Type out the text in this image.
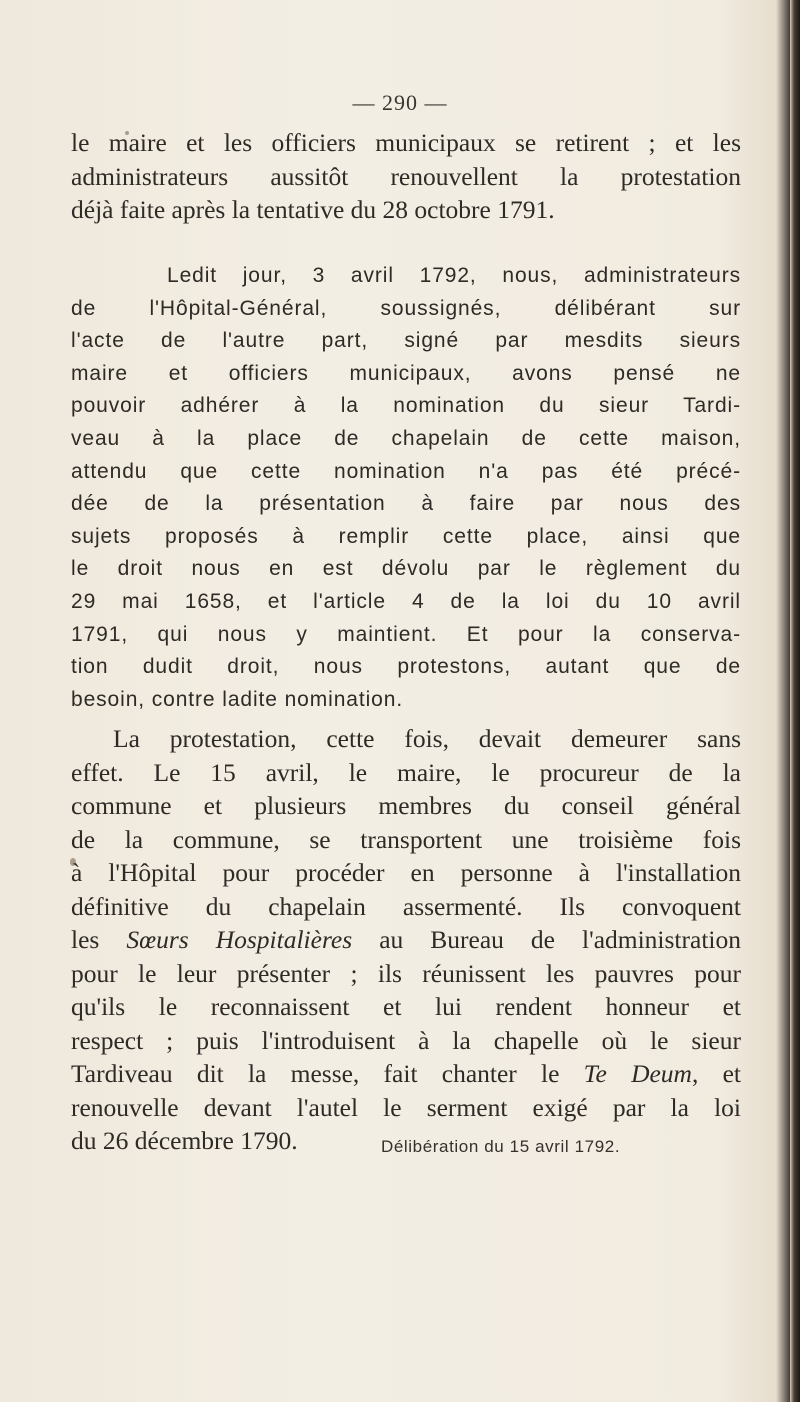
— 290 —
le maire et les officiers municipaux se retirent ; et les
administrateurs aussitôt renouvellent la protestation
déjà faite après la tentative du 28 octobre 1791.
Ledit jour, 3 avril 1792, nous, administrateurs
de l'Hôpital-Général, soussignés, délibérant sur
l'acte de l'autre part, signé par mesdits sieurs
maire et officiers municipaux, avons pensé ne
pouvoir adhérer à la nomination du sieur Tardi-
veau à la place de chapelain de cette maison,
attendu que cette nomination n'a pas été précé-
dée de la présentation à faire par nous des
sujets proposés à remplir cette place, ainsi que
le droit nous en est dévolu par le règlement du
29 mai 1658, et l'article 4 de la loi du 10 avril
1791, qui nous y maintient. Et pour la conserva-
tion dudit droit, nous protestons, autant que de
besoin, contre ladite nomination.
La protestation, cette fois, devait demeurer sans
effet. Le 15 avril, le maire, le procureur de la
commune et plusieurs membres du conseil général
de la commune, se transportent une troisième fois
à l'Hôpital pour procéder en personne à l'installation
définitive du chapelain assermenté. Ils convoquent
les Sœurs Hospitalières au Bureau de l'administration
pour le leur présenter ; ils réunissent les pauvres pour
qu'ils le reconnaissent et lui rendent honneur et
respect ; puis l'introduisent à la chapelle où le sieur
Tardiveau dit la messe, fait chanter le Te Deum, et
renouvelle devant l'autel le serment exigé par la loi
du 26 décembre 1790.	Délibération du 15 avril 1792.
